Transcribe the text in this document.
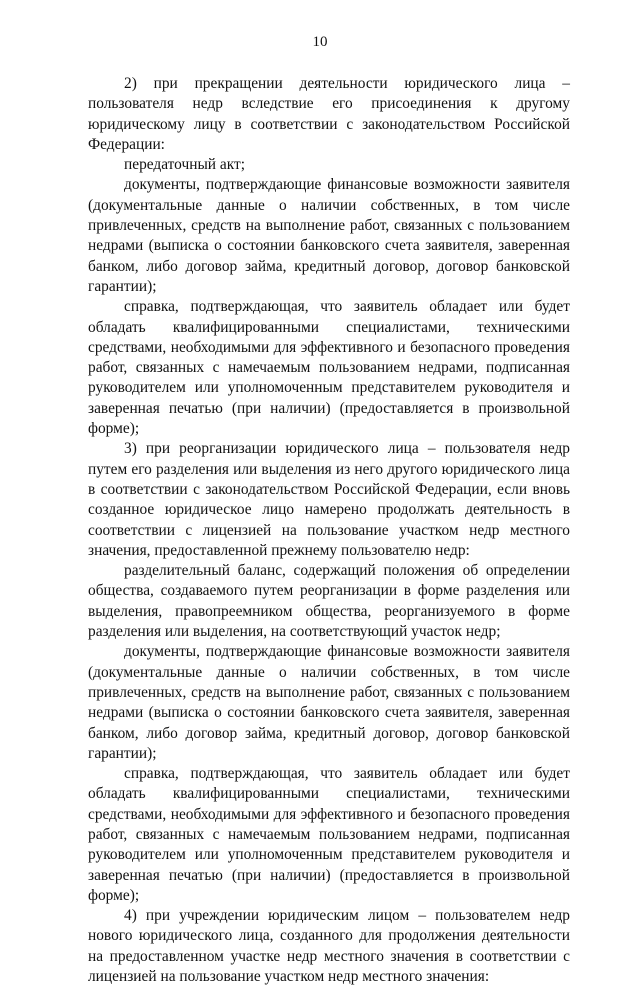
10

2) при прекращении деятельности юридического лица – пользователя недр вследствие его присоединения к другому юридическому лицу в соответствии с законодательством Российской Федерации:

передаточный акт;

документы, подтверждающие финансовые возможности заявителя (документальные данные о наличии собственных, в том числе привлеченных, средств на выполнение работ, связанных с пользованием недрами (выписка о состоянии банковского счета заявителя, заверенная банком, либо договор займа, кредитный договор, договор банковской гарантии);

справка, подтверждающая, что заявитель обладает или будет обладать квалифицированными специалистами, техническими средствами, необходимыми для эффективного и безопасного проведения работ, связанных с намечаемым пользованием недрами, подписанная руководителем или уполномоченным представителем руководителя и заверенная печатью (при наличии) (предоставляется в произвольной форме);

3) при реорганизации юридического лица – пользователя недр путем его разделения или выделения из него другого юридического лица в соответствии с законодательством Российской Федерации, если вновь созданное юридическое лицо намерено продолжать деятельность в соответствии с лицензией на пользование участком недр местного значения, предоставленной прежнему пользователю недр:

разделительный баланс, содержащий положения об определении общества, создаваемого путем реорганизации в форме разделения или выделения, правопреемником общества, реорганизуемого в форме разделения или выделения, на соответствующий участок недр;

документы, подтверждающие финансовые возможности заявителя (документальные данные о наличии собственных, в том числе привлеченных, средств на выполнение работ, связанных с пользованием недрами (выписка о состоянии банковского счета заявителя, заверенная банком, либо договор займа, кредитный договор, договор банковской гарантии);

справка, подтверждающая, что заявитель обладает или будет обладать квалифицированными специалистами, техническими средствами, необходимыми для эффективного и безопасного проведения работ, связанных с намечаемым пользованием недрами, подписанная руководителем или уполномоченным представителем руководителя и заверенная печатью (при наличии) (предоставляется в произвольной форме);

4) при учреждении юридическим лицом – пользователем недр нового юридического лица, созданного для продолжения деятельности на предоставленном участке недр местного значения в соответствии с лицензией на пользование участком недр местного значения:
